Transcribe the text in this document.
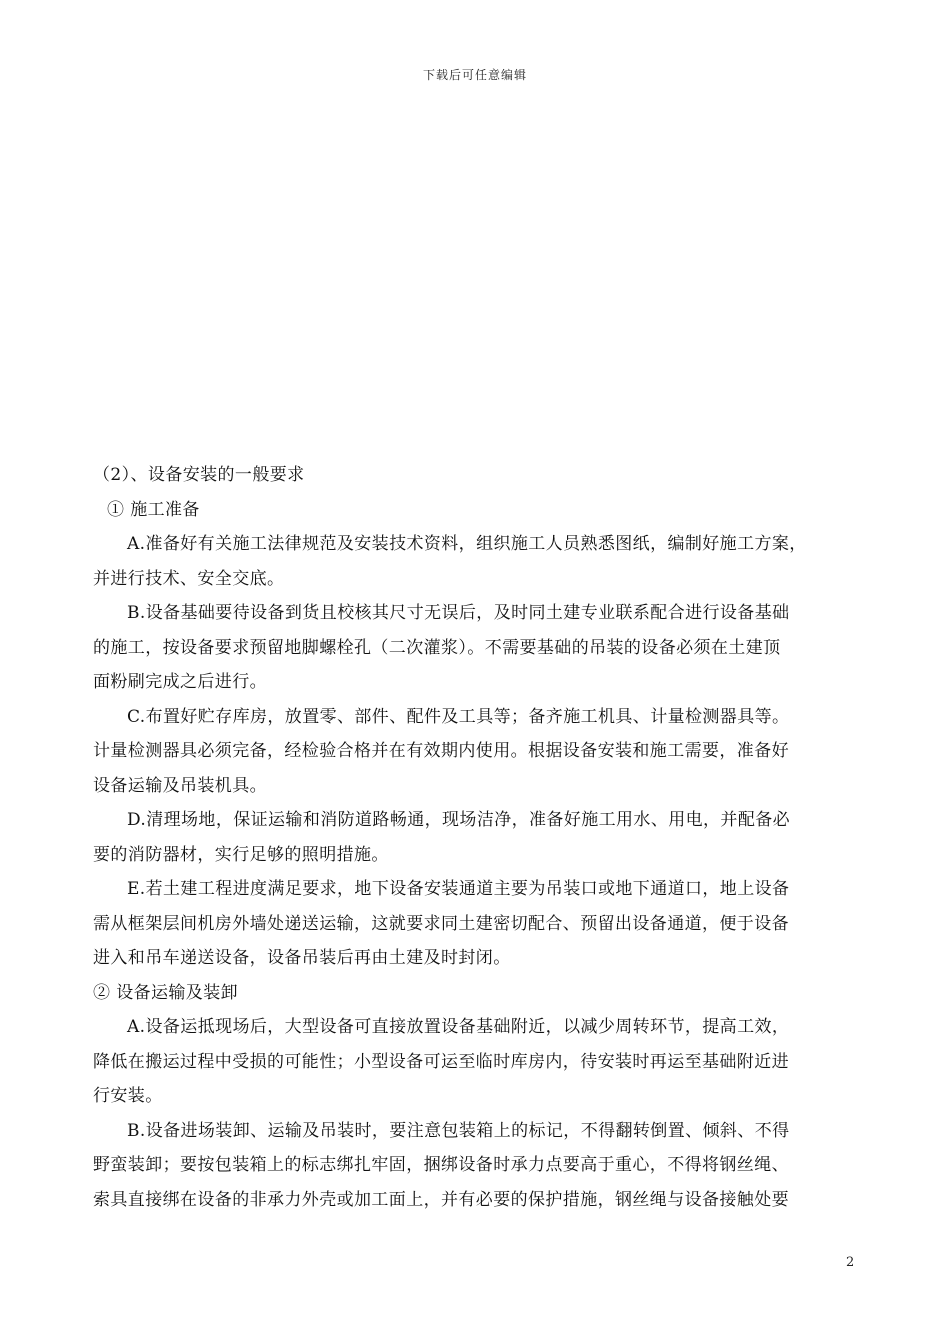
下载后可任意编辑
（2）、设备安装的一般要求
① 施工准备
A.准备好有关施工法律规范及安装技术资料，组织施工人员熟悉图纸，编制好施工方案，
并进行技术、安全交底。
B.设备基础要待设备到货且校核其尺寸无误后，及时同土建专业联系配合进行设备基础
的施工，按设备要求预留地脚螺栓孔（二次灌浆）。不需要基础的吊装的设备必须在土建顶
面粉刷完成之后进行。
C.布置好贮存库房，放置零、部件、配件及工具等；备齐施工机具、计量检测器具等。
计量检测器具必须完备，经检验合格并在有效期内使用。根据设备安装和施工需要，准备好
设备运输及吊装机具。
D.清理场地，保证运输和消防道路畅通，现场洁净，准备好施工用水、用电，并配备必
要的消防器材，实行足够的照明措施。
E.若土建工程进度满足要求，地下设备安装通道主要为吊装口或地下通道口，地上设备
需从框架层间机房外墙处递送运输，这就要求同土建密切配合、预留出设备通道，便于设备
进入和吊车递送设备，设备吊装后再由土建及时封闭。
② 设备运输及装卸
A.设备运抵现场后，大型设备可直接放置设备基础附近，以减少周转环节，提高工效，
降低在搬运过程中受损的可能性；小型设备可运至临时库房内，待安装时再运至基础附近进
行安装。
B.设备进场装卸、运输及吊装时，要注意包装箱上的标记，不得翻转倒置、倾斜、不得
野蛮装卸；要按包装箱上的标志绑扎牢固，捆绑设备时承力点要高于重心，不得将钢丝绳、
索具直接绑在设备的非承力外壳或加工面上，并有必要的保护措施，钢丝绳与设备接触处要
2
